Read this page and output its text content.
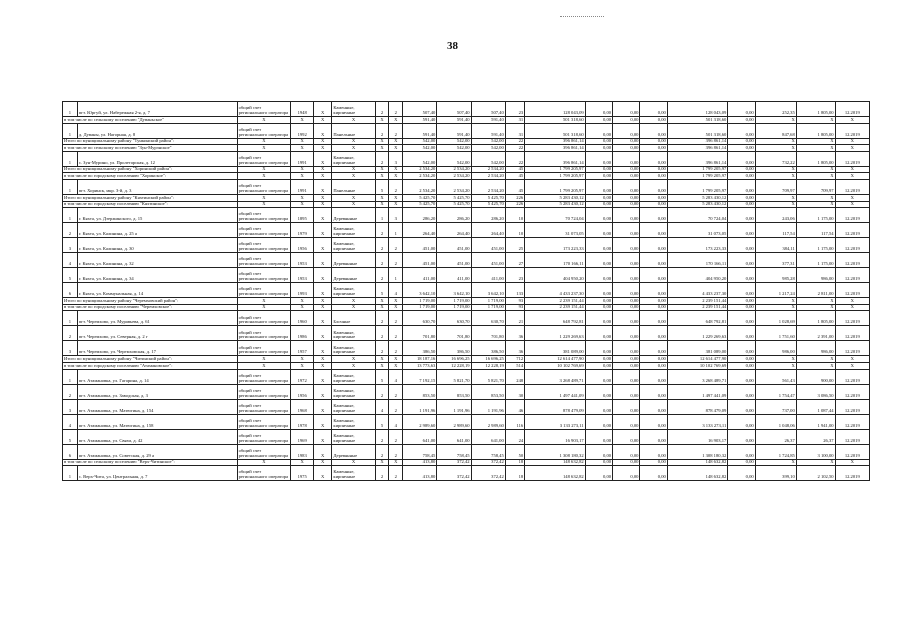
38
1	пгт. Юргуй, ул. Набережная 2-я, д. 7	общий счет регионального оператора	1948	X	Каменные, кирпичные	2	2	507,40	507,40	507,40	23	128 043,09	0,00	0,00	0,00	128 043,09	0,00	252,35	1 805,00	12.2019
в том числе по сельскому поселению "Дуваньское"		X	X	X	X	X	X	591,40	591,40	591,40	31	501 318,60	0,00	0,00	0,00	501 318,60	0,00	X	X	X
1	д. Дуваны, ул. Нагорная, д. 8	общий счет регионального оператора	1992	X	Панельные	2	2	591,40	591,40	591,40	31	501 318,60	0,00	0,00	0,00	501 318,60	0,00	847,68	1 805,00	12.2019
Итого по муниципальному району "Тункинский район":		X	X	X	X	X	X	542,00	542,00	542,00	22	396 861,14	0,00	0,00	0,00	396 861,14	0,00	X	X	X
в том числе по сельскому поселению "Зун-Мурэнское"		X	X	X	X	X	X	542,00	542,00	542,00	22	396 861,14	0,00	0,00	0,00	396 861,14	0,00	X	X	X
1	с. Зун-Мурино, ул. Пролетарская, д. 12	общий счет регионального оператора	1991	X	Каменные, кирпичные	2	3	542,00	542,00	542,00	22	396 861,14	0,00	0,00	0,00	396 861,14	0,00	732,22	1 805,00	12.2019
Итого по муниципальному району "Хоринский район":		X	X	X	X	X	X	2 534,20	2 534,20	2 534,20	45	1 799 205,97	0,00	0,00	0,00	1 799 205,97	0,00	X	X	X
в том числе по городскому поселению "Хоринское":		X	X	X	X	X	X	2 534,20	2 534,20	2 534,20	45	1 799 205,97	0,00	0,00	0,00	1 799 205,97	0,00	X	X	X
1	пгт. Хоринск, мкр. 3-й, д. 3	общий счет регионального оператора	1991	X	Панельные	5	2	2 534,20	2 534,20	2 534,20	45	1 799 205,97	0,00	0,00	0,00	1 799 205,97	0,00	709,97	709,97	12.2019
Итого по муниципальному району "Кяхтинский район":		X	X	X	X	X	X	5 425,70	5 425,70	5 425,70	226	5 283 430,12	0,00	0,00	0,00	5 283 430,12	0,00	X	X	X
в том числе по городскому поселению "Кяхтинское":		X	X	X	X	X	X	5 425,70	5 425,70	5 425,70	226	5 283 430,12	0,00	0,00	0,00	5 283 430,12	0,00	X	X	X
1	г. Кяхта, ул. Дзержинского, д. 15	общий счет регионального оператора	1895	X	Деревянные	1	3	286,20	286,20	286,20	10	70 724,04	0,00	0,00	0,00	70 724,04	0,00	243,06	1 175,00	12.2019
2	г. Кяхта, ул. Калинина, д. 25 а	общий счет регионального оператора	1979	X	Каменные, кирпичные	2	1	264,40	264,40	264,40	10	31 073,05	0,00	0,00	0,00	31 073,05	0,00	117,54	117,54	12.2019
3	г. Кяхта, ул. Калинина, д. 30	общий счет регионального оператора	1956	X	Каменные, кирпичные	2	2	451,00	451,00	451,00	25	173 223,33	0,00	0,00	0,00	173 223,33	0,00	384,11	1 175,00	12.2019
4	г. Кяхта, ул. Калинина, д. 32	общий счет регионального оператора	1953	X	Деревянные	2	2	451,00	451,00	451,00	27	170 166,11	0,00	0,00	0,00	170 166,11	0,00	377,31	1 175,00	12.2019
5	г. Кяхта, ул. Калинина, д. 34	общий счет регионального оператора	1953	X	Деревянные	2	1	411,00	411,00	411,00	23	404 950,20	0,00	0,00	0,00	404 950,20	0,00	985,28	986,00	12.2019
6	г. Кяхта, ул. Коммунальная, д. 14	общий счет регионального оператора	1993	X	Каменные, кирпичные	5	4	3 642,10	3 642,10	3 642,10	133	4 433 237,30	0,00	0,00	0,00	4 433 237,30	0,00	1 217,24	2 811,00	12.2019
Итого по муниципальному району "Черемховский район":		X	X	X	X	X	X	1 719,00	1 719,00	1 719,00	93	2 239 151,44	0,00	0,00	0,00	2 239 151,44	0,00	X	X	X
в том числе по городскому поселению "Черемховское":		X	X	X	X	X	X	1 719,00	1 719,00	1 719,00	93	2 239 151,44	0,00	0,00	0,00	2 239 151,44	0,00	X	X	X
1	пгт. Черемхово, ул. Муравьева, д. 61	общий счет регионального оператора	1960	X	Блочные	2	2	630,70	630,70	630,70	21	648 792,81	0,00	0,00	0,00	648 792,81	0,00	1 028,69	1 805,00	12.2019
2	пгт. Черемхово, ул. Северная, д. 2 г	общий счет регионального оператора	1986	X	Каменные, кирпичные	2	2	701,80	701,80	701,80	36	1 229 269,63	0,00	0,00	0,00	1 229 269,63	0,00	1 751,60	2 391,00	12.2019
3	пгт. Черемхово, ул. Черемховская, д. 17	общий счет регионального оператора	1957	X	Каменные, кирпичные	2	2	386,50	386,50	386,50	36	381 089,00	0,00	0,00	0,00	381 089,00	0,00	986,00	986,00	12.2019
Итого по муниципальному району "Читинский район":		X	X	X	X	X	X	18 187,16	16 696,25	16 696,25	712	12 614 477,90	0,00	0,00	0,00	12 614 477,90	0,00	X	X	X
в том числе по городскому поселению "Атамановское":		X	X	X	X	X	X	13 773,63	12 228,19	12 228,19	514	10 102 769,69	0,00	0,00	0,00	10 102 769,69	0,00	X	X	X
1	пгт. Атамановка, ул. Гагарина, д. 14	общий счет регионального оператора	1972	X	Каменные, кирпичные	5	4	7 192,15	5 821,70	5 821,70	248	3 268 489,71	0,00	0,00	0,00	3 268 489,71	0,00	561,43	900,00	12.2019
2	пгт. Атамановка, ул. Заводская, д. 3	общий счет регионального оператора	1956	X	Каменные, кирпичные	2	2	853,50	853,50	853,50	30	1 497 441,09	0,00	0,00	0,00	1 497 441,09	0,00	1 754,47	3 086,50	12.2019
3	пгт. Атамановка, ул. Матюгина, д. 154	общий счет регионального оператора	1968	X	Каменные, кирпичные	4	2	1 191,96	1 191,96	1 191,96	46	878 479,09	0,00	0,00	0,00	878 479,09	0,00	737,00	1 087,44	12.2019
4	пгт. Атамановка, ул. Матюгина, д. 158	общий счет регионального оператора	1978	X	Каменные, кирпичные	5	4	2 989,60	2 989,60	2 989,60	116	3 133 273,11	0,00	0,00	0,00	3 133 273,11	0,00	1 048,06	1 941,00	12.2019
5	пгт. Атамановка, ул. Связи, д. 42	общий счет регионального оператора	1969	X	Каменные, кирпичные	2	2	641,00	641,00	641,00	24	16 903,17	0,00	0,00	0,00	16 903,17	0,00	26,37	26,37	12.2019
6	пгт. Атамановка, ул. Советская, д. 29 а	общий счет регионального оператора	1983	X	Деревянные	2	2	758,45	758,45	758,45	50	1 308 180,32	0,00	0,00	0,00	1 308 180,32	0,00	1 724,85	3 100,00	12.2019
в том числе по сельскому поселению "Верх-Читинское":		X	X	X	X	X	X	413,80	372,42	372,42	18	148 632,82	0,00	0,00	0,00	148 632,82	0,00	X	X	X
1	с. Верх-Чита, ул. Центральная, д. 7	общий счет регионального оператора	1975	X	Каменные, кирпичные	2	2	413,80	372,42	372,42	18	148 632,82	0,00	0,00	0,00	148 632,82	0,00	399,10	2 102,50	12.2019
